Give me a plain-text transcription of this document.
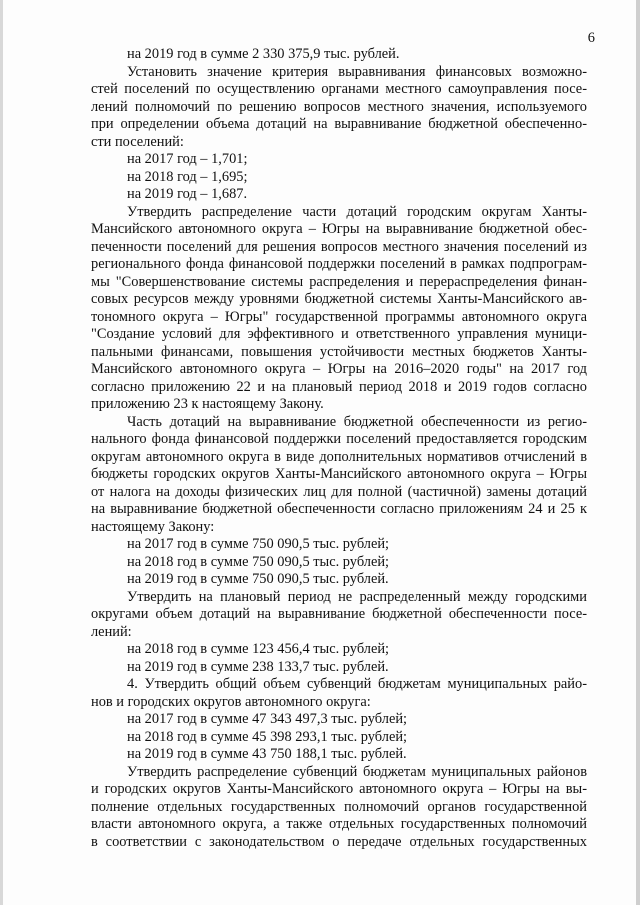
6
на 2019 год в сумме 2 330 375,9 тыс. рублей.
Установить значение критерия выравнивания финансовых возможно-
стей поселений по осуществлению органами местного самоуправления посе-
лений полномочий по решению вопросов местного значения, используемого
при определении объема дотаций на выравнивание бюджетной обеспеченно-
сти поселений:
на 2017 год – 1,701;
на 2018 год – 1,695;
на 2019 год – 1,687.
Утвердить распределение части дотаций городским округам Ханты-
Мансийского автономного округа – Югры на выравнивание бюджетной обес-
печенности поселений для решения вопросов местного значения поселений из
регионального фонда финансовой поддержки поселений в рамках подпрограм-
мы "Совершенствование системы распределения и перераспределения финан-
совых ресурсов между уровнями бюджетной системы Ханты-Мансийского ав-
тономного округа – Югры" государственной программы автономного округа
"Создание условий для эффективного и ответственного управления муници-
пальными финансами, повышения устойчивости местных бюджетов Ханты-
Мансийского автономного округа – Югры на 2016–2020 годы" на 2017 год
согласно приложению 22 и на плановый период 2018 и 2019 годов согласно
приложению 23 к настоящему Закону.
Часть дотаций на выравнивание бюджетной обеспеченности из регио-
нального фонда финансовой поддержки поселений предоставляется городским
округам автономного округа в виде дополнительных нормативов отчислений в
бюджеты городских округов Ханты-Мансийского автономного округа – Югры
от налога на доходы физических лиц для полной (частичной) замены дотаций
на выравнивание бюджетной обеспеченности согласно приложениям 24 и 25 к
настоящему Закону:
на 2017 год в сумме 750 090,5 тыс. рублей;
на 2018 год в сумме 750 090,5 тыс. рублей;
на 2019 год в сумме 750 090,5 тыс. рублей.
Утвердить на плановый период не распределенный между городскими
округами объем дотаций на выравнивание бюджетной обеспеченности посе-
лений:
на 2018 год в сумме 123 456,4 тыс. рублей;
на 2019 год в сумме 238 133,7 тыс. рублей.
4. Утвердить общий объем субвенций бюджетам муниципальных райо-
нов и городских округов автономного округа:
на 2017 год в сумме 47 343 497,3 тыс. рублей;
на 2018 год в сумме 45 398 293,1 тыс. рублей;
на 2019 год в сумме 43 750 188,1 тыс. рублей.
Утвердить распределение субвенций бюджетам муниципальных районов
и городских округов Ханты-Мансийского автономного округа – Югры на вы-
полнение отдельных государственных полномочий органов государственной
власти автономного округа, а также отдельных государственных полномочий
в соответствии с законодательством о передаче отдельных государственных
